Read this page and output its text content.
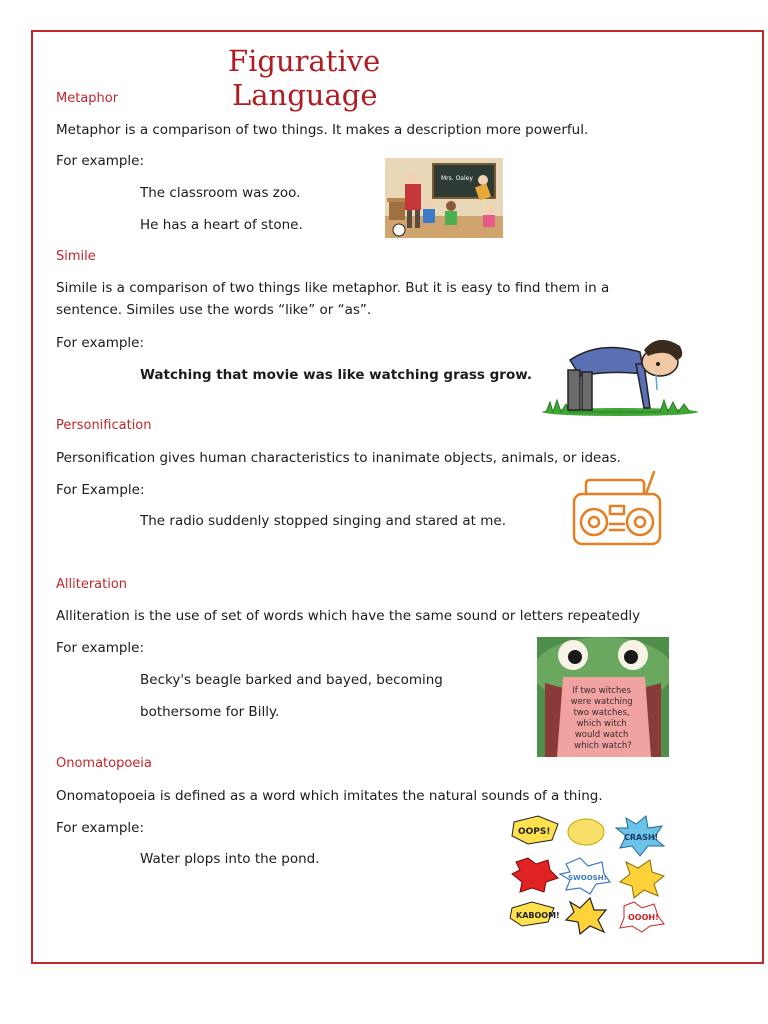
Figurative
Language
Metaphor
Metaphor is a comparison of two things. It makes a description more powerful.
For example:
The classroom was zoo.
He has a heart of stone.
Mrs. Oaley
Simile
Simile is a comparison of two things like metaphor. But it is easy to find them in a sentence. Similes use the words “like” or “as”.
For example:
Watching that movie was like watching grass grow.
Personification
Personification gives human characteristics to inanimate objects, animals, or ideas.
For Example:
The radio suddenly stopped singing and stared at me.
Alliteration
Alliteration is the use of set of words which have the same sound or letters repeatedly
For example:
Becky's beagle barked and bayed, becoming
bothersome for Billy.
If two witches were watching two watches, which witch would watch which watch?
Onomatopoeia
Onomatopoeia is defined as a word which imitates the natural sounds of a thing.
For example:
Water plops into the pond.
OOPS!
CRASH!
SWOOSH!
KABOOM!	OOOH!
